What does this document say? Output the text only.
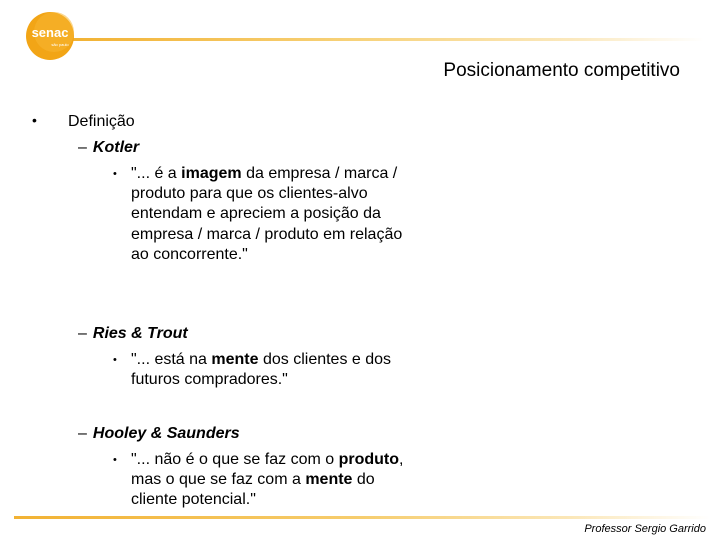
senac
são paulo
Posicionamento competitivo
• Definição
– Kotler
• "... é a imagem da empresa / marca / produto para que os clientes-alvo entendam e apreciem a posição da empresa / marca / produto em relação ao concorrente."
– Ries & Trout
• "... está na mente dos clientes e dos futuros compradores."
– Hooley & Saunders
• "... não é o que se faz com o produto, mas o que se faz com a mente do cliente potencial."
Professor Sergio Garrido
